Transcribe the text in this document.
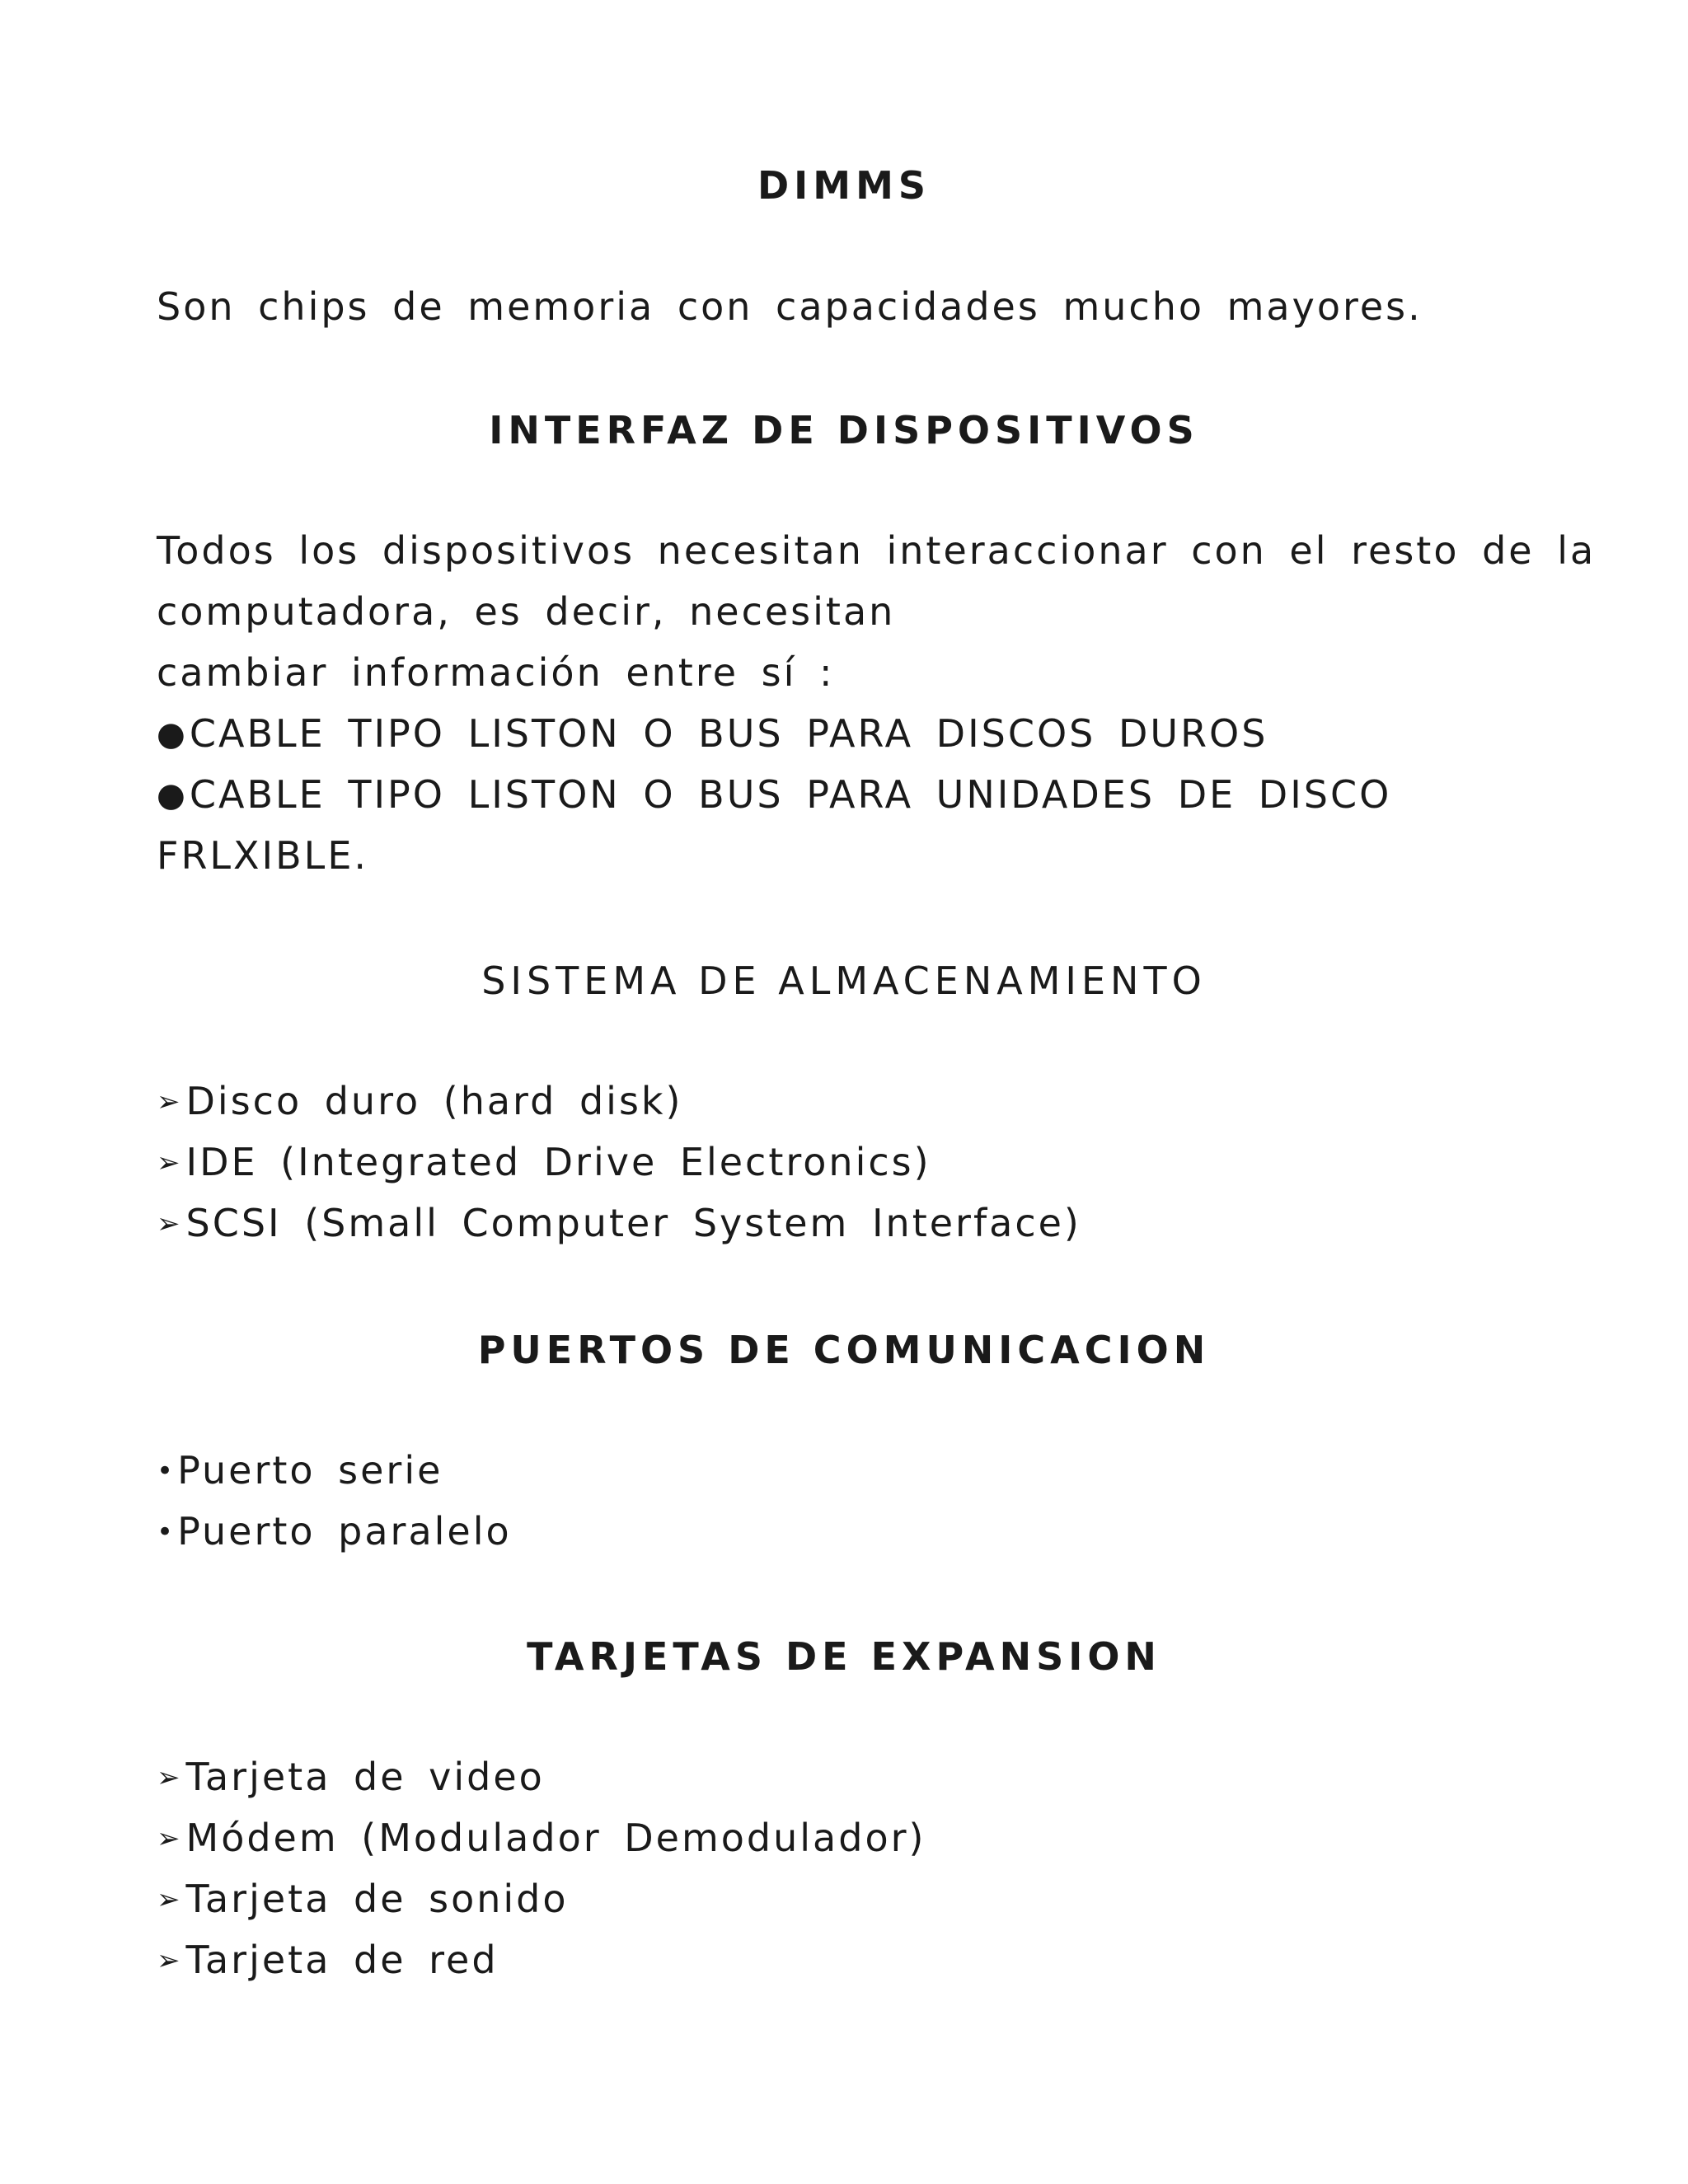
DIMMS
Son chips de memoria con capacidades mucho mayores.
INTERFAZ DE DISPOSITIVOS
Todos los dispositivos necesitan interaccionar con el resto de la
computadora, es decir, necesitan
cambiar información entre sí :
●CABLE TIPO LISTON O BUS PARA DISCOS DUROS
●CABLE TIPO LISTON O BUS PARA UNIDADES DE DISCO
FRLXIBLE.
SISTEMA DE ALMACENAMIENTO
➢Disco duro (hard disk)
➢IDE (Integrated Drive Electronics)
➢SCSI (Small Computer System Interface)
PUERTOS DE COMUNICACION
•Puerto serie
•Puerto paralelo
TARJETAS DE EXPANSION
➢Tarjeta de video
➢Módem (Modulador Demodulador)
➢Tarjeta de sonido
➢Tarjeta de red
